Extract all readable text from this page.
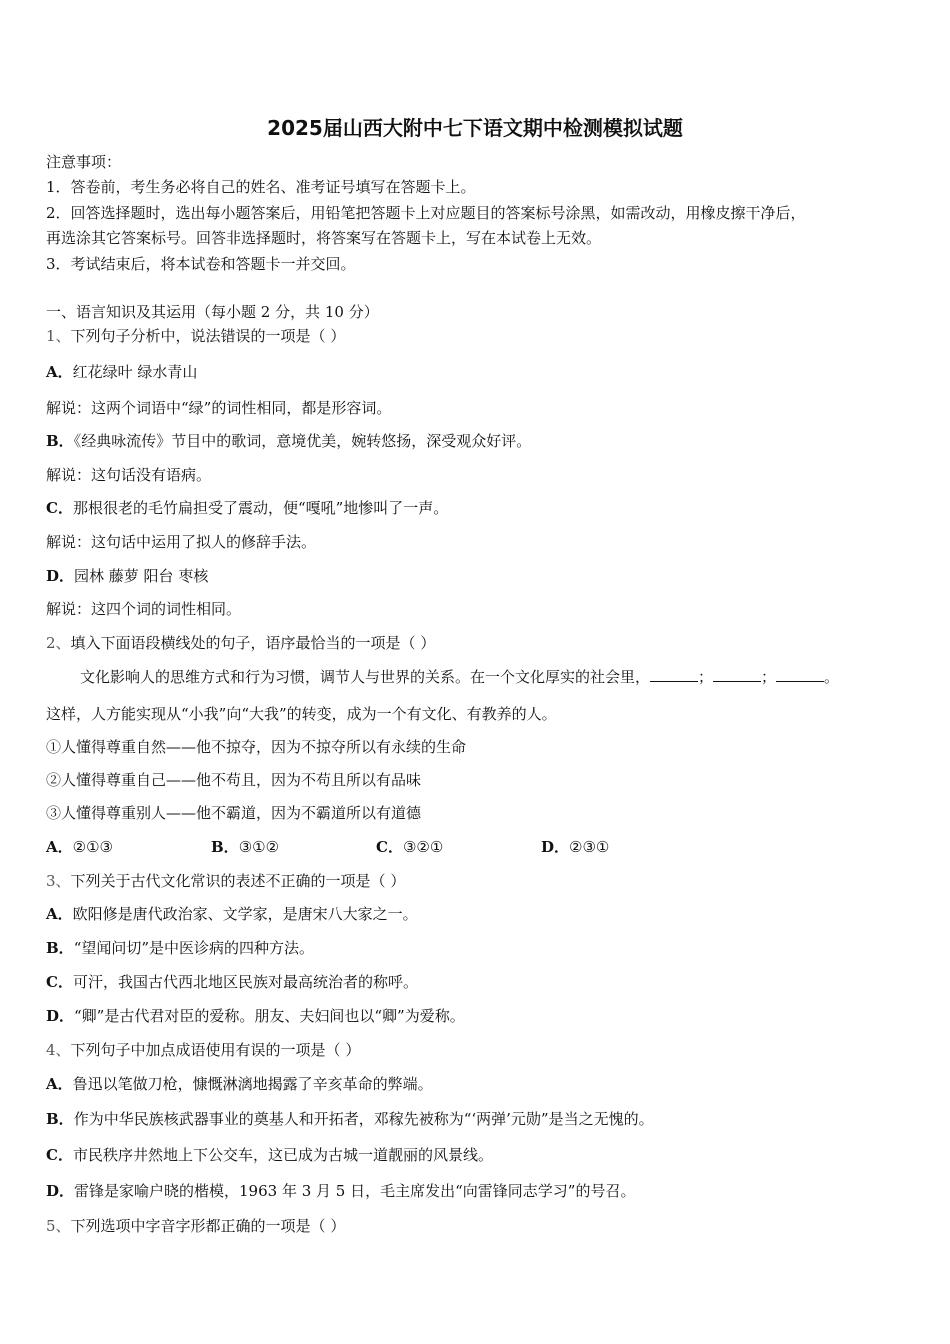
2025届山西大附中七下语文期中检测模拟试题
注意事项：
1．答卷前，考生务必将自己的姓名、准考证号填写在答题卡上。
2．回答选择题时，选出每小题答案后，用铅笔把答题卡上对应题目的答案标号涂黑，如需改动，用橡皮擦干净后，
再选涂其它答案标号。回答非选择题时，将答案写在答题卡上，写在本试卷上无效。
3．考试结束后，将本试卷和答题卡一并交回。
一、语言知识及其运用（每小题 2 分，共 10 分）
1、下列句子分析中，说法错误的一项是（ ）
A．红花绿叶 绿水青山
解说：这两个词语中“绿”的词性相同，都是形容词。
B．《经典咏流传》节目中的歌词，意境优美，婉转悠扬，深受观众好评。
解说：这句话没有语病。
C．那根很老的毛竹扁担受了震动，便“嘎吼”地惨叫了一声。
解说：这句话中运用了拟人的修辞手法。
D．园林 藤萝 阳台 枣核
解说：这四个词的词性相同。
2、填入下面语段横线处的句子，语序最恰当的一项是（ ）
文化影响人的思维方式和行为习惯，调节人与世界的关系。在一个文化厚实的社会里，	；	；	。
这样，人方能实现从“小我”向“大我”的转变，成为一个有文化、有教养的人。
①人懂得尊重自然——他不掠夺，因为不掠夺所以有永续的生命
②人懂得尊重自己——他不苟且，因为不苟且所以有品味
③人懂得尊重别人——他不霸道，因为不霸道所以有道德
A．②①③	B．③①②	C．③②①	D．②③①
3、下列关于古代文化常识的表述不正确的一项是（ ）
A．欧阳修是唐代政治家、文学家，是唐宋八大家之一。
B．“望闻问切”是中医诊病的四种方法。
C．可汗，我国古代西北地区民族对最高统治者的称呼。
D．“卿”是古代君对臣的爱称。朋友、夫妇间也以“卿”为爱称。
4、下列句子中加点成语使用有误的一项是（ ）
A．鲁迅以笔做刀枪，慷慨淋漓地揭露了辛亥革命的弊端。
B．作为中华民族核武器事业的奠基人和开拓者，邓稼先被称为“‘两弹’元勋”是当之无愧的。
C．市民秩序井然地上下公交车，这已成为古城一道靓丽的风景线。
D．雷锋是家喻户晓的楷模，1963 年 3 月 5 日，毛主席发出“向雷锋同志学习”的号召。
5、下列选项中字音字形都正确的一项是（ ）
